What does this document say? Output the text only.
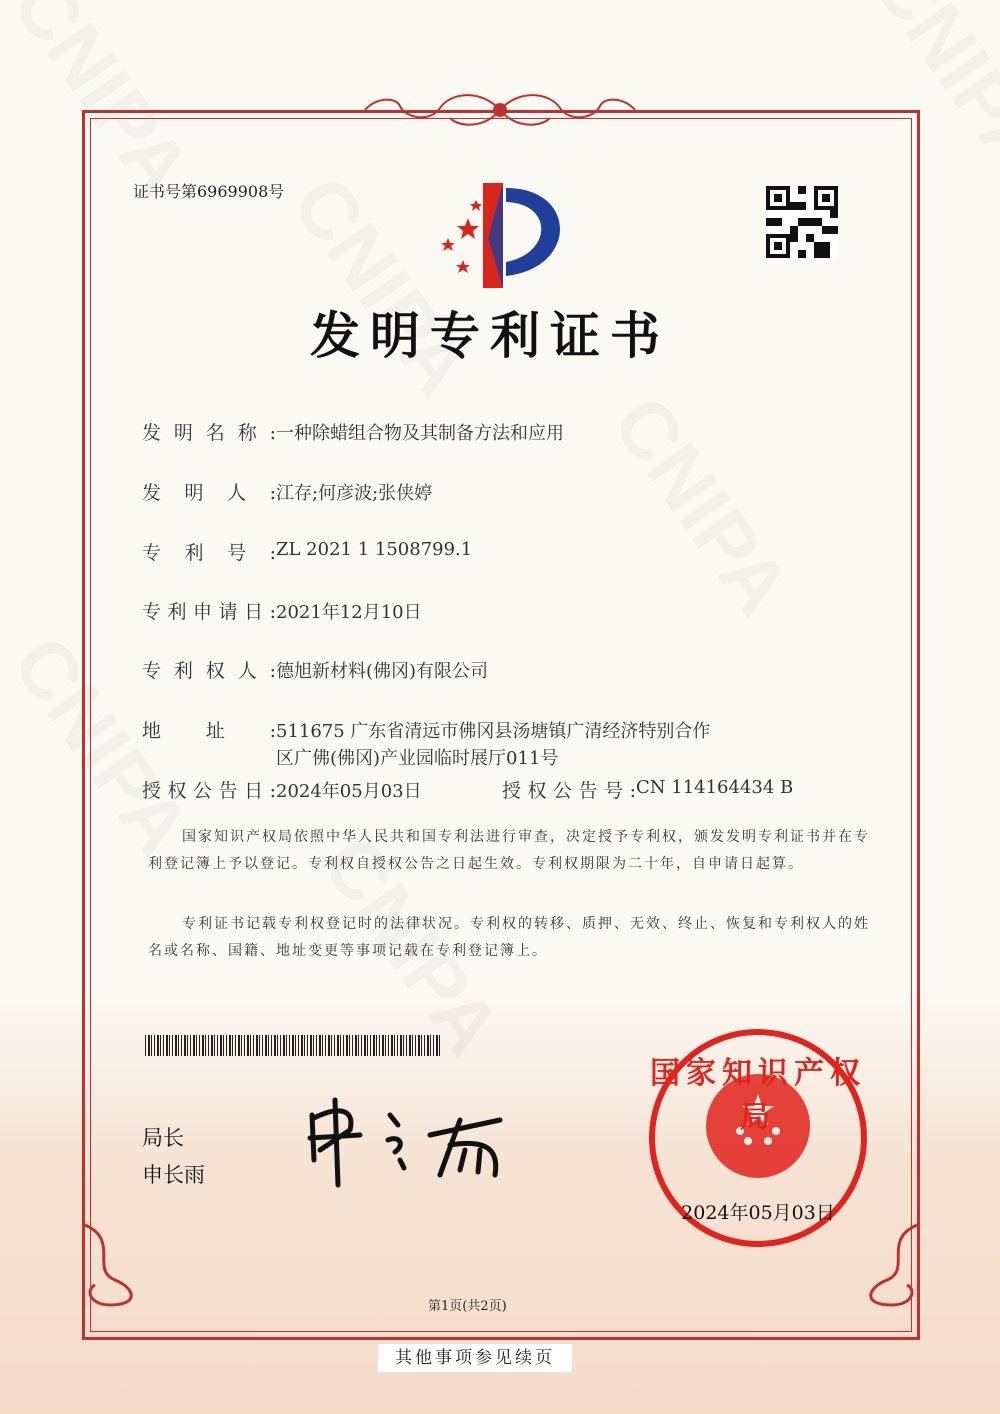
证书号第6969908号
发明专利证书
发明名称: 一种除蜡组合物及其制备方法和应用
发明人: 江存;何彦波;张侠婷
专利号: ZL 2021 1 1508799.1
专利申请日: 2021年12月10日
专利权人: 德旭新材料(佛冈)有限公司
地址: 511675 广东省清远市佛冈县汤塘镇广清经济特别合作
区广佛(佛冈)产业园临时展厅011号
授权公告日: 2024年05月03日	授权公告号: CN 114164434 B
国家知识产权局依照中华人民共和国专利法进行审查，决定授予专利权，颁发发明专利证书并在专利登记簿上予以登记。专利权自授权公告之日起生效。专利权期限为二十年，自申请日起算。
专利证书记载专利权登记时的法律状况。专利权的转移、质押、无效、终止、恢复和专利权人的姓名或名称、国籍、地址变更等事项记载在专利登记簿上。
局长
申长雨
国家知识产权局
2024年05月03日
第1页(共2页)
其他事项参见续页
